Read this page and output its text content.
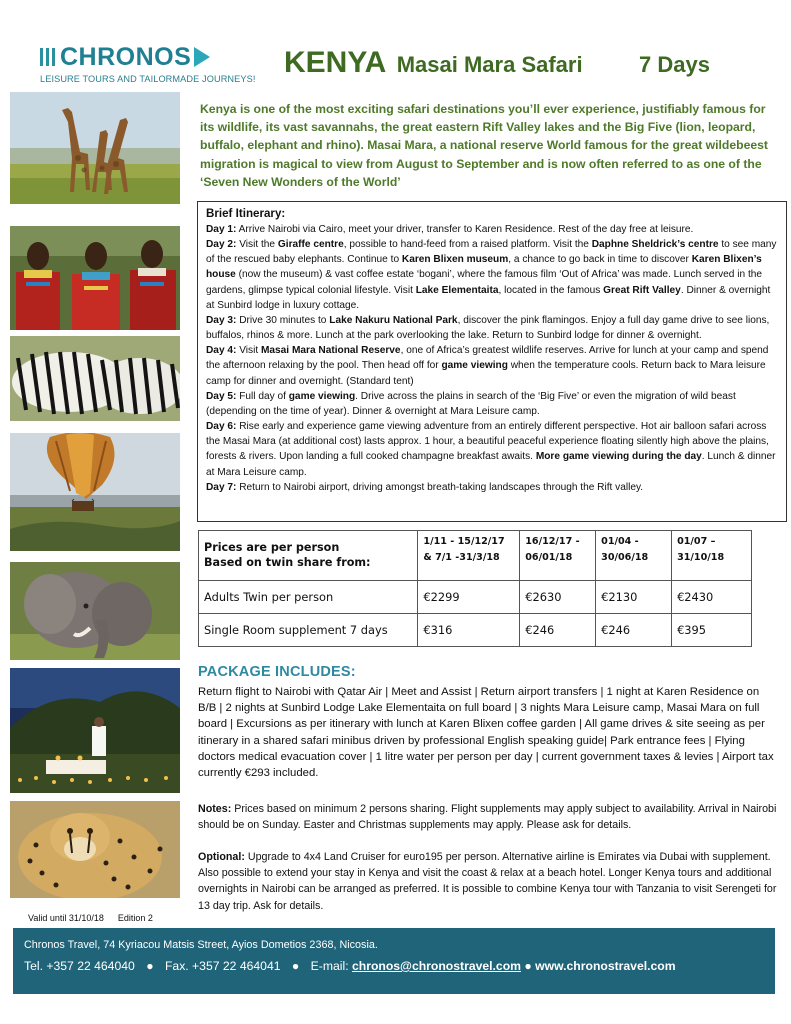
CHRONOS
LEISURE TOURS AND TAILORMADE JOURNEYS! KENYA Masai Mara Safari	7 Days
Kenya is one of the most exciting safari destinations you’ll ever experience, justifiably famous for its wildlife, its vast savannahs, the great eastern Rift Valley lakes and the Big Five (lion, leopard, buffalo, elephant and rhino). Masai Mara, a national reserve World famous for the great wildebeest migration is magical to view from August to September and is now often referred to as one of the ‘Seven New Wonders of the World’
Brief Itinerary:

Day 1: Arrive Nairobi via Cairo, meet your driver, transfer to Karen Residence. Rest of the day free at leisure.

Day 2: Visit the Giraffe centre, possible to hand-feed from a raised platform. Visit the Daphne Sheldrick’s centre to see many of the rescued baby elephants. Continue to Karen Blixen museum, a chance to go back in time to discover Karen Blixen’s house (now the museum) & vast coffee estate ‘bogani’, where the famous film ‘Out of Africa’ was made. Lunch served in the gardens, glimpse typical colonial lifestyle. Visit Lake Elementaita, located in the famous Great Rift Valley. Dinner & overnight at Sunbird lodge in luxury cottage.

Day 3: Drive 30 minutes to Lake Nakuru National Park, discover the pink flamingos. Enjoy a full day game drive to see lions, buffalos, rhinos & more. Lunch at the park overlooking the lake. Return to Sunbird lodge for dinner & overnight.

Day 4: Visit Masai Mara National Reserve, one of Africa’s greatest wildlife reserves. Arrive for lunch at your camp and spend the afternoon relaxing by the pool. Then head off for game viewing when the temperature cools. Return back to Mara leisure camp for dinner and overnight. (Standard tent)

Day 5: Full day of game viewing. Drive across the plains in search of the ‘Big Five’ or even the migration of wild beast (depending on the time of year). Dinner & overnight at Mara Leisure camp.

Day 6: Rise early and experience game viewing adventure from an entirely different perspective. Hot air balloon safari across the Masai Mara (at additional cost) lasts approx. 1 hour, a beautiful peaceful experience floating silently high above the plains, forests & rivers. Upon landing a full cooked champagne breakfast awaits. More game viewing during the day. Lunch & dinner at Mara Leisure camp.

Day 7: Return to Nairobi airport, driving amongst breath-taking landscapes through the Rift valley.

Prices are per person
Based on twin share from:	1/11 - 15/12/17 & 7/1 -31/3/18	16/12/17 - 06/01/18	01/04 - 30/06/18	01/07 – 31/10/18
Adults Twin per person	€2299	€2630	€2130	€2430
Single Room supplement 7 days	€316	€246	€246	€395
PACKAGE INCLUDES:
Return flight to Nairobi with Qatar Air | Meet and Assist | Return airport transfers | 1 night at Karen Residence on B/B | 2 nights at Sunbird Lodge Lake Elementaita on full board | 3 nights Mara Leisure camp, Masai Mara on full board | Excursions as per itinerary with lunch at Karen Blixen coffee garden | All game drives & site seeing as per itinerary in a shared safari minibus driven by professional English speaking guide| Park entrance fees | Flying doctors medical evacuation cover | 1 litre water per person per day | current government taxes & levies | Airport tax currently €293 included.
Notes: Prices based on minimum 2 persons sharing. Flight supplements may apply subject to availability. Arrival in Nairobi should be on Sunday. Easter and Christmas supplements may apply. Please ask for details.
Optional: Upgrade to 4x4 Land Cruiser for euro195 per person. Alternative airline is Emirates via Dubai with supplement. Also possible to extend your stay in Kenya and visit the coast & relax at a beach hotel. Longer Kenya tours and additional overnights in Nairobi can be arranged as preferred. It is possible to combine Kenya tour with Tanzania to visit Serengeti for 13 day trip. Ask for details.
Valid until 31/10/18 Edition 2
Chronos Travel, 74 Kyriacou Matsis Street, Ayios Dometios 2368, Nicosia.
Tel. +357 22 464040 ● Fax. +357 22 464041 ● E-mail: chronos@chronostravel.com ● www.chronostravel.com
